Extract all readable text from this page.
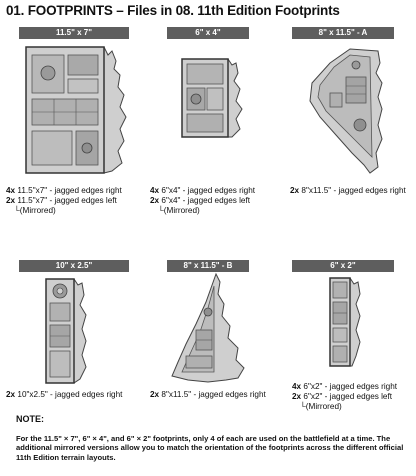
01. FOOTPRINTS – Files in 08. 11th Edition Footprints
11.5" x 7"
4x 11.5"x7" - jagged edges right
2x 11.5"x7" - jagged edges left
└(Mirrored)
6" x 4"
4x 6"x4" - jagged edges right
2x 6"x4" - jagged edges left
└(Mirrored)
8" x 11.5" - A
2x 8"x11.5" - jagged edges right
10" x 2.5"
2x 10"x2.5" - jagged edges right
8" x 11.5" - B
2x 8"x11.5" - jagged edges right
6" x 2"
4x 6"x2" - jagged edges right
2x 6"x2" - jagged edges left
└(Mirrored)
NOTE:
For the 11.5" × 7", 6" × 4", and 6" × 2" footprints, only 4 of each are used on the battlefield at a time. The additional mirrored versions allow you to match the orientation of the footprints across the different official 11th Edition terrain layouts.
